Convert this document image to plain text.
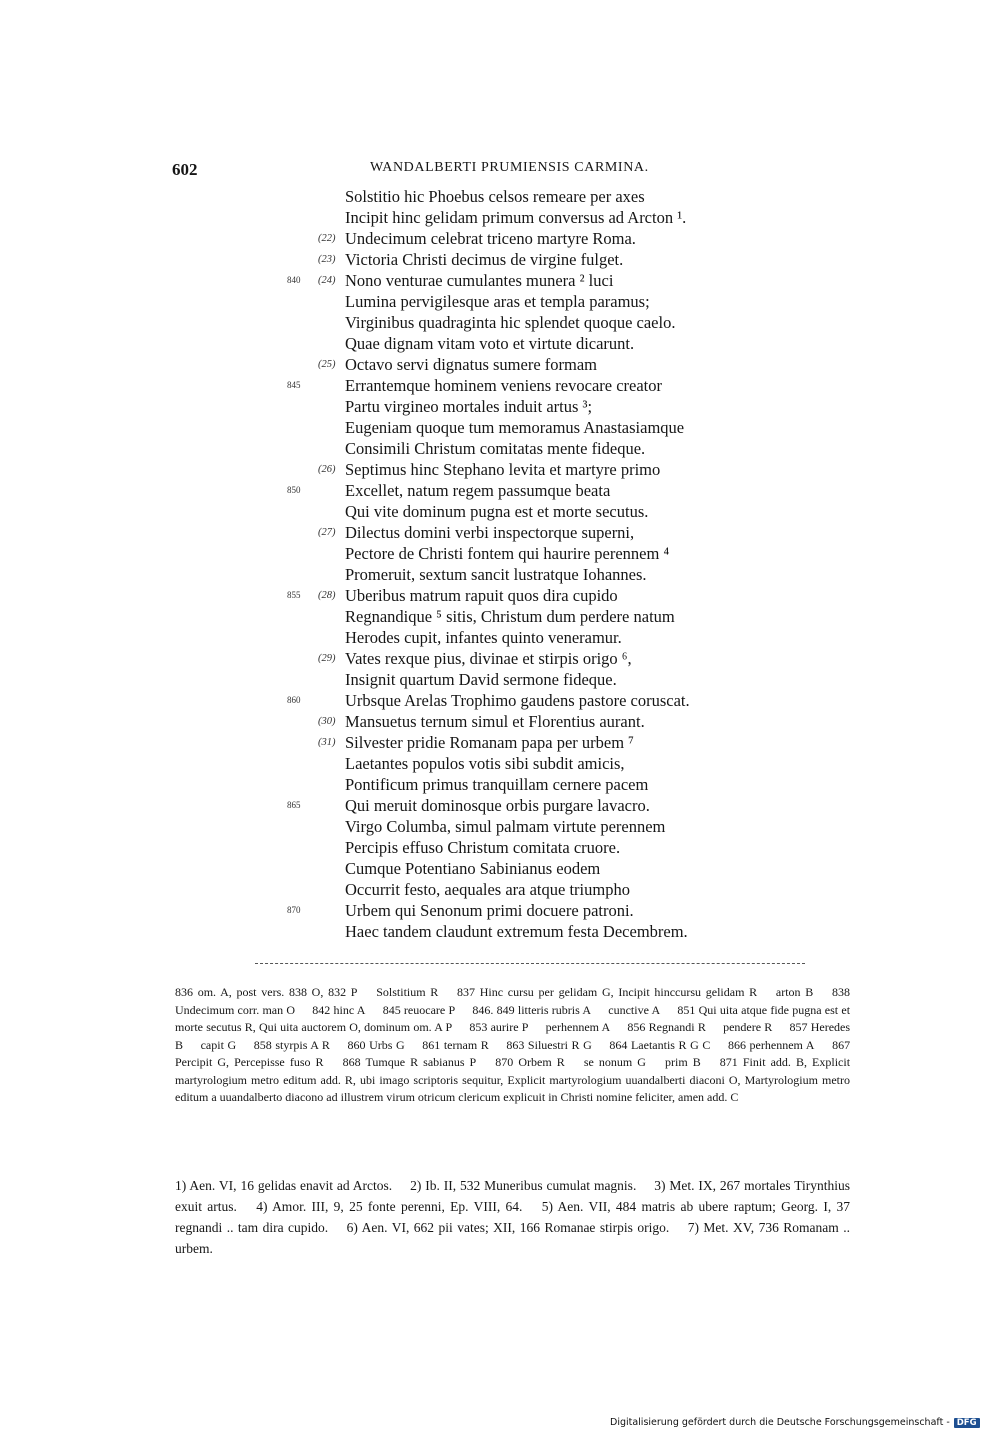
602	WANDALBERTI PRUMIENSIS CARMINA.
Solstitio hic Phoebus celsos remeare per axes
Incipit hinc gelidam primum conversus ad Arcton ¹.
Undecimum celebrat triceno martyre Roma.
(22)
Victoria Christi decimus de virgine fulget.
(23)
Nono venturae cumulantes munera ² luci
840 (24)
Lumina pervigilesque aras et templa paramus;
Virginibus quadraginta hic splendet quoque caelo.
Quae dignam vitam voto et virtute dicarunt.
Octavo servi dignatus sumere formam
(25)
Errantemque hominem veniens revocare creator
845
Partu virgineo mortales induit artus ³;
Eugeniam quoque tum memoramus Anastasiamque
Consimili Christum comitatas mente fideque.
Septimus hinc Stephano levita et martyre primo
(26)
Excellet, natum regem passumque beata
850
Qui vite dominum pugna est et morte secutus.
Dilectus domini verbi inspectorque superni,
(27)
Pectore de Christi fontem qui haurire perennem ⁴
Promeruit, sextum sancit lustratque Iohannes.
Uberibus matrum rapuit quos dira cupido
855 (28)
Regnandique ⁵ sitis, Christum dum perdere natum
Herodes cupit, infantes quinto veneramur.
Vates rexque pius, divinae et stirpis origo ⁶,
(29)
Insignit quartum David sermone fideque.
Urbsque Arelas Trophimo gaudens pastore coruscat.
860
Mansuetus ternum simul et Florentius aurant.
(30)
Silvester pridie Romanam papa per urbem ⁷
(31)
Laetantes populos votis sibi subdit amicis,
Pontificum primus tranquillam cernere pacem
Qui meruit dominosque orbis purgare lavacro.
865
Virgo Columba, simul palmam virtute perennem
Percipis effuso Christum comitata cruore.
Cumque Potentiano Sabinianus eodem
Occurrit festo, aequales ara atque triumpho
Urbem qui Senonum primi docuere patroni.
870
Haec tandem claudunt extremum festa Decembrem.
836 om. A, post vers. 838 O, 832 P Solstitium R 837 Hinc cursu per gelidam G, Incipit hinccursu gelidam R arton B 838 Undecimum corr. man O 842 hinc A 845 reuocare P 846. 849 litteris rubris A cunctive A 851 Qui uita atque fide pugna est et morte secutus R, Qui uita auctorem O, dominum om. A P 853 aurire P perhennem A 856 Regnandi R pendere R 857 Heredes B capit G 858 styrpis A R 860 Urbs G 861 ternam R 863 Siluestri R G 864 Laetantis R G C 866 perhennem A 867 Percipit G, Percepisse fuso R 868 Tumque R sabianus P 870 Orbem R se nonum G prim B 871 Finit add. B, Explicit martyrologium metro editum add. R, ubi imago scriptoris sequitur, Explicit martyrologium uuandalberti diaconi O, Martyrologium metro editum a uuandalberto diacono ad illustrem virum otricum clericum explicuit in Christi nomine feliciter, amen add. C
1) Aen. VI, 16 gelidas enavit ad Arctos. 2) Ib. II, 532 Muneribus cumulat magnis. 3) Met. IX, 267 mortales Tirynthius exuit artus. 4) Amor. III, 9, 25 fonte perenni, Ep. VIII, 64. 5) Aen. VII, 484 matris ab ubere raptum; Georg. I, 37 regnandi .. tam dira cupido. 6) Aen. VI, 662 pii vates; XII, 166 Romanae stirpis origo. 7) Met. XV, 736 Romanam .. urbem.
Digitalisierung gefördert durch die Deutsche Forschungsgemeinschaft - DFG
